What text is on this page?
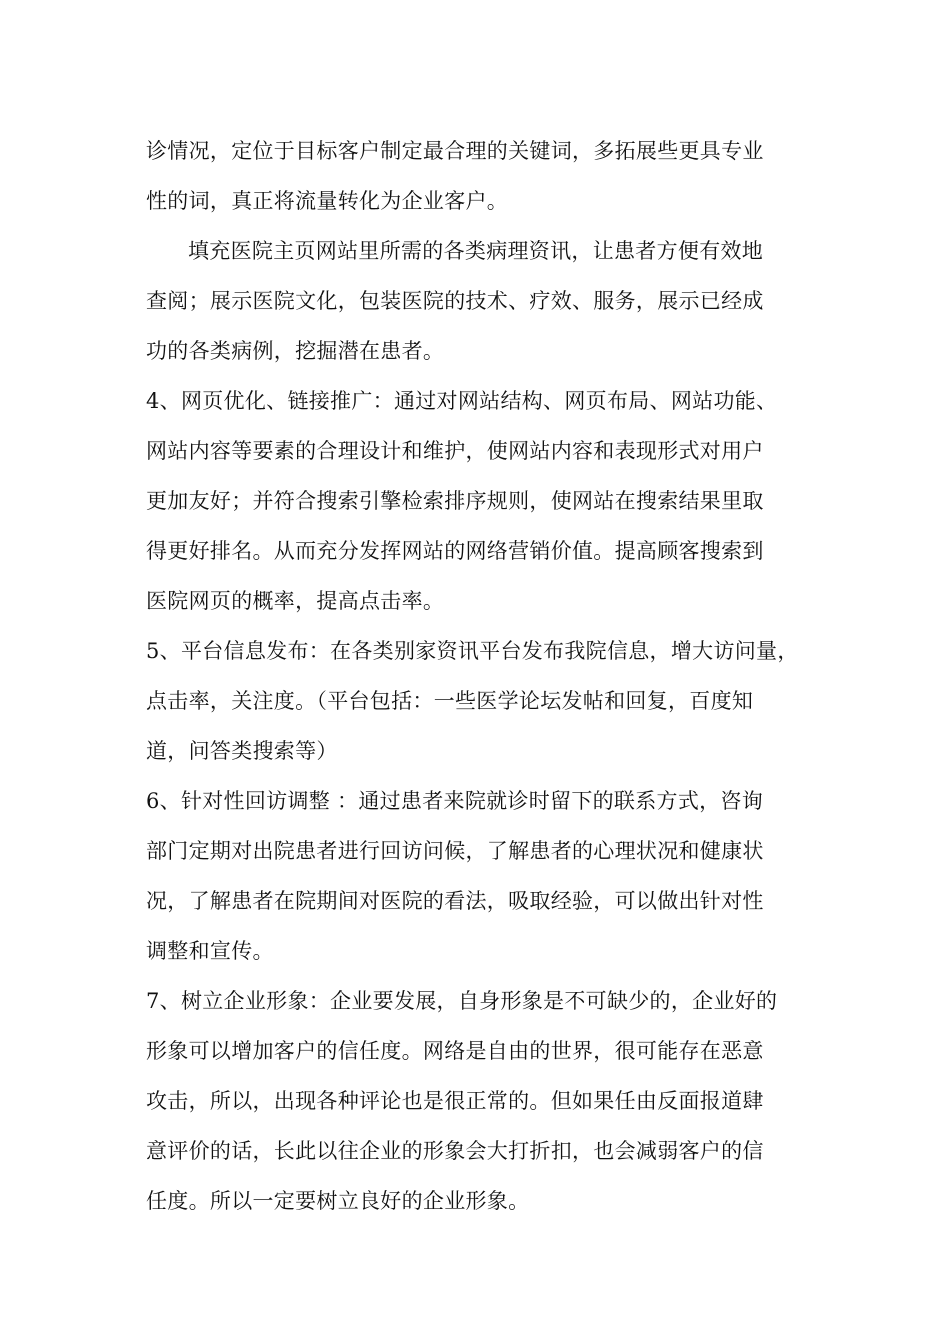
诊情况，定位于目标客户制定最合理的关键词，多拓展些更具专业
性的词，真正将流量转化为企业客户。
填充医院主页网站里所需的各类病理资讯，让患者方便有效地
查阅；展示医院文化，包装医院的技术、疗效、服务，展示已经成
功的各类病例，挖掘潜在患者。
4、网页优化、链接推广：通过对网站结构、网页布局、网站功能、
网站内容等要素的合理设计和维护，使网站内容和表现形式对用户
更加友好；并符合搜索引擎检索排序规则，使网站在搜索结果里取
得更好排名。从而充分发挥网站的网络营销价值。提高顾客搜索到
医院网页的概率，提高点击率。
5、平台信息发布：在各类别家资讯平台发布我院信息，增大访问量，
点击率，关注度。（平台包括：一些医学论坛发帖和回复，百度知
道，问答类搜索等）
6、针对性回访调整 ：通过患者来院就诊时留下的联系方式，咨询
部门定期对出院患者进行回访问候，了解患者的心理状况和健康状
况，了解患者在院期间对医院的看法，吸取经验，可以做出针对性
调整和宣传。
7、树立企业形象：企业要发展，自身形象是不可缺少的，企业好的
形象可以增加客户的信任度。网络是自由的世界，很可能存在恶意
攻击，所以，出现各种评论也是很正常的。但如果任由反面报道肆
意评价的话，长此以往企业的形象会大打折扣，也会减弱客户的信
任度。所以一定要树立良好的企业形象。
